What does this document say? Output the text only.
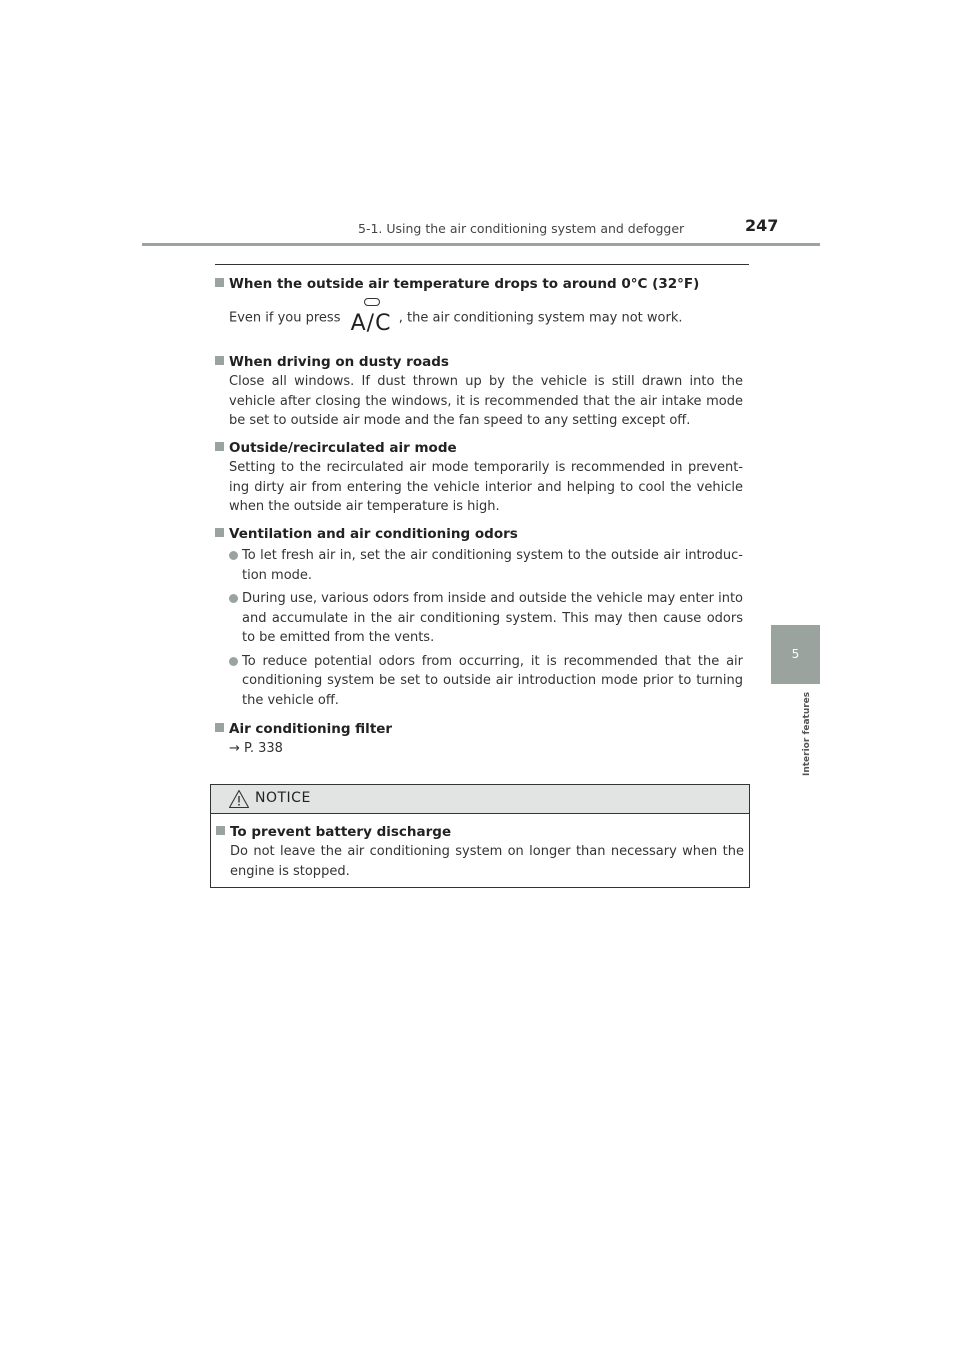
5-1. Using the air conditioning system and defogger	247
5
Interior features
When the outside air temperature drops to around 0°C (32°F)
Even if you press A/C , the air conditioning system may not work.
When driving on dusty roads
Close all windows. If dust thrown up by the vehicle is still drawn into the vehicle after closing the windows, it is recommended that the air intake mode be set to outside air mode and the fan speed to any setting except off.
Outside/recirculated air mode
Setting to the recirculated air mode temporarily is recommended in prevent-ing dirty air from entering the vehicle interior and helping to cool the vehicle when the outside air temperature is high.
Ventilation and air conditioning odors
To let fresh air in, set the air conditioning system to the outside air introduc-tion mode.
During use, various odors from inside and outside the vehicle may enter into and accumulate in the air conditioning system. This may then cause odors to be emitted from the vents.
To reduce potential odors from occurring, it is recommended that the air conditioning system be set to outside air introduction mode prior to turning the vehicle off.
Air conditioning filter
→ P. 338
NOTICE
To prevent battery discharge
Do not leave the air conditioning system on longer than necessary when the engine is stopped.
